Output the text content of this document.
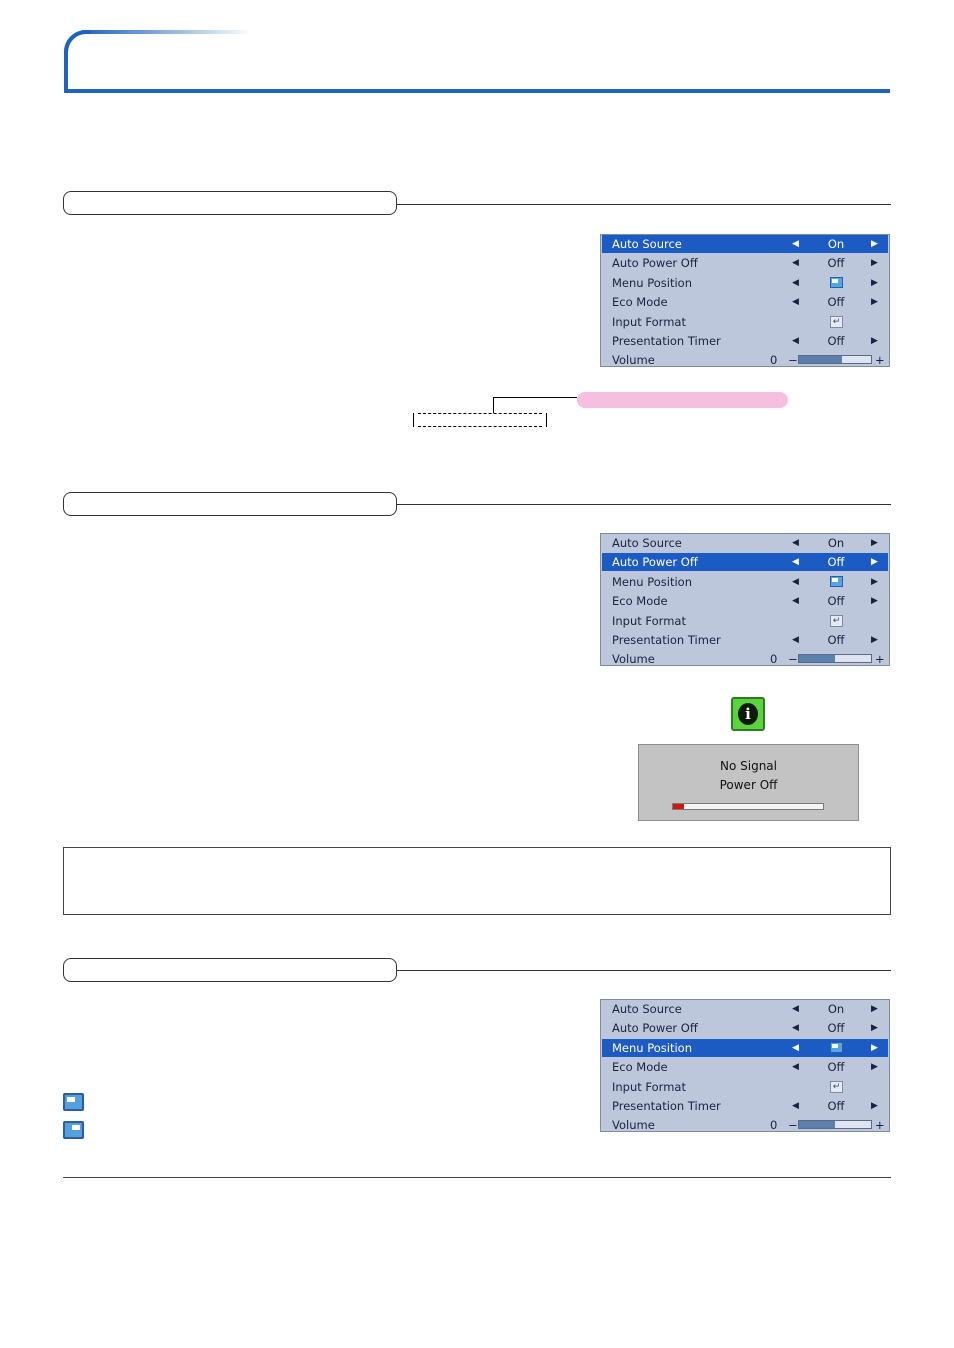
Auto Source	◀	On	▶
Auto Power Off	◀	Off	▶
Menu Position	◀	▶
Eco Mode	◀	Off	▶
Input Format	↵
Presentation Timer	◀	Off	▶
Volume	0 −	+
Auto Source	◀	On	▶
Auto Power Off	◀	Off	▶
Menu Position	◀	▶
Eco Mode	◀	Off	▶
Input Format	↵
Presentation Timer	◀	Off	▶
Volume	0 −	+
i
No Signal
Power Off
Auto Source	◀	On	▶
Auto Power Off	◀	Off	▶
Menu Position	◀	▶
Eco Mode	◀	Off	▶
Input Format	↵
Presentation Timer	◀	Off	▶
Volume	0 −	+
